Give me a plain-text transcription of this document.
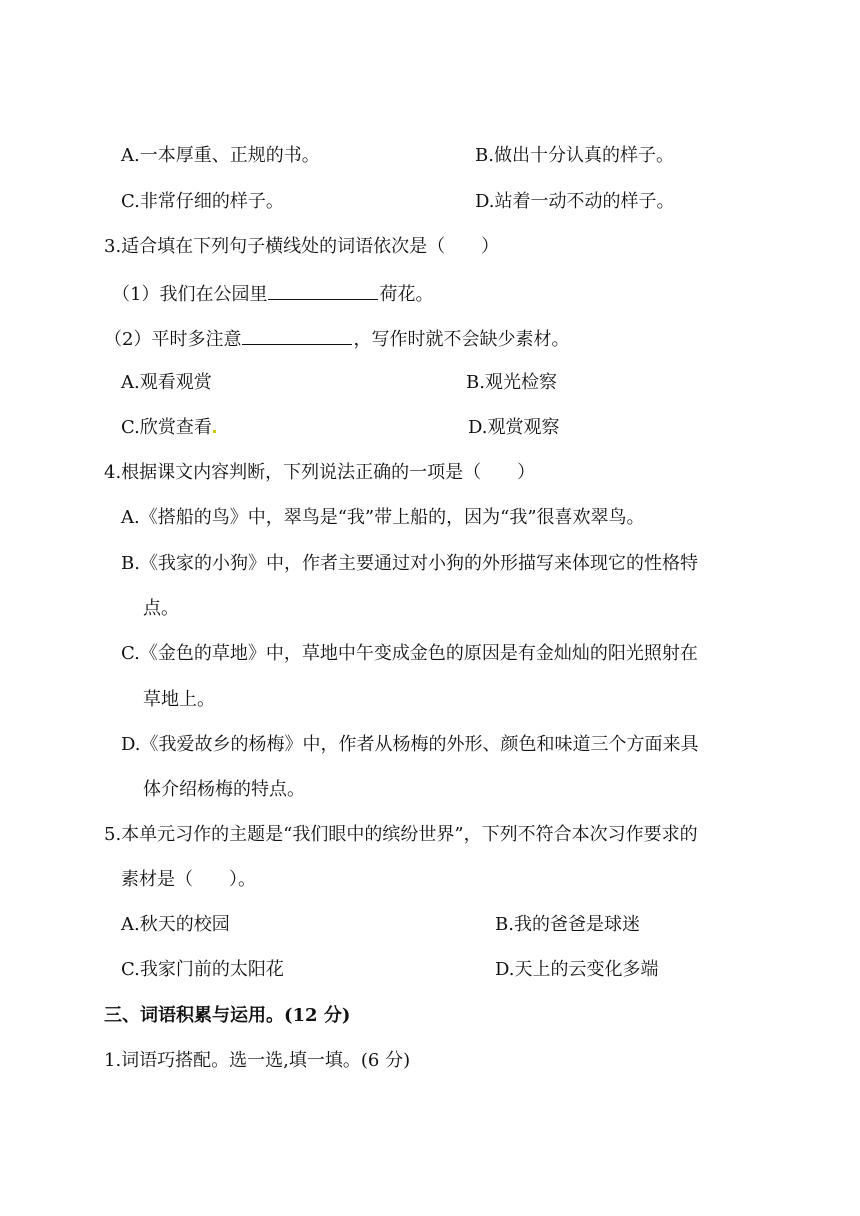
A.一本厚重、正规的书。	B.做出十分认真的样子。
C.非常仔细的样子。	D.站着一动不动的样子。
3.适合填在下列句子横线处的词语依次是（　　）
（1）我们在公园里	荷花。
（2）平时多注意	，写作时就不会缺少素材。
A.观看观赏	B.观光检察
C.欣赏查看	D.观赏观察
4.根据课文内容判断，下列说法正确的一项是（　　）
A.《搭船的鸟》中，翠鸟是“我”带上船的，因为“我”很喜欢翠鸟。
B.《我家的小狗》中，作者主要通过对小狗的外形描写来体现它的性格特
点。
C.《金色的草地》中，草地中午变成金色的原因是有金灿灿的阳光照射在
草地上。
D.《我爱故乡的杨梅》中，作者从杨梅的外形、颜色和味道三个方面来具
体介绍杨梅的特点。
5.本单元习作的主题是“我们眼中的缤纷世界”，下列不符合本次习作要求的
素材是（　　）。
A.秋天的校园	B.我的爸爸是球迷
C.我家门前的太阳花	D.天上的云变化多端
三、词语积累与运用。(12 分)
1.词语巧搭配。选一选,填一填。(6 分)
